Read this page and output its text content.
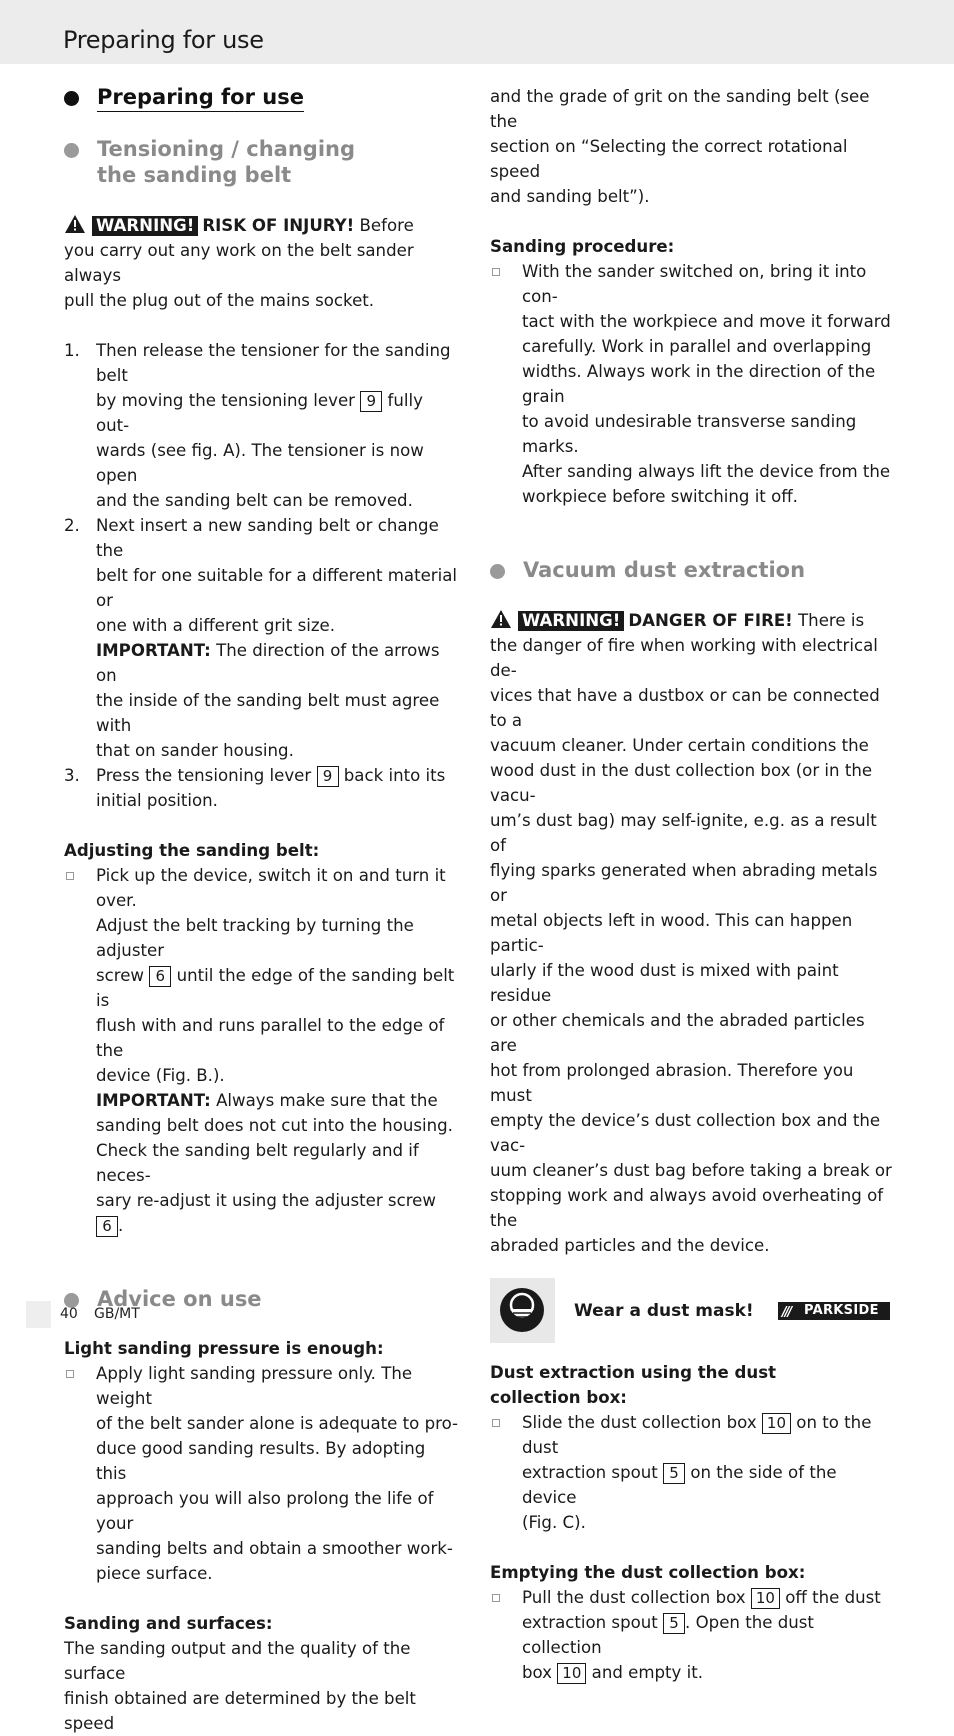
Preparing for use
Preparing for use
Tensioning / changing
the sanding belt
WARNING! RISK OF INJURY! Before
you carry out any work on the belt sander always
pull the plug out of the mains socket.
1. Then release the tensioner for the sanding belt
by moving the tensioning lever 9 fully out-
wards (see fig. A). The tensioner is now open
and the sanding belt can be removed.
2. Next insert a new sanding belt or change the
belt for one suitable for a different material or
one with a different grit size.
IMPORTANT: The direction of the arrows on
the inside of the sanding belt must agree with
that on sander housing.
3. Press the tensioning lever 9 back into its
initial position.
Adjusting the sanding belt:
Pick up the device, switch it on and turn it over.
Adjust the belt tracking by turning the adjuster
screw 6 until the edge of the sanding belt is
flush with and runs parallel to the edge of the
device (Fig. B.).
IMPORTANT: Always make sure that the
sanding belt does not cut into the housing.
Check the sanding belt regularly and if neces-
sary re-adjust it using the adjuster screw 6 .
Advice on use
Light sanding pressure is enough:
Apply light sanding pressure only. The weight
of the belt sander alone is adequate to pro-
duce good sanding results. By adopting this
approach you will also prolong the life of your
sanding belts and obtain a smoother work-
piece surface.
Sanding and surfaces:
The sanding output and the quality of the surface
finish obtained are determined by the belt speed
and the grade of grit on the sanding belt (see the
section on “Selecting the correct rotational speed
and sanding belt”).
Sanding procedure:
With the sander switched on, bring it into con-
tact with the workpiece and move it forward
carefully. Work in parallel and overlapping
widths. Always work in the direction of the grain
to avoid undesirable transverse sanding marks.
After sanding always lift the device from the
workpiece before switching it off.
Vacuum dust extraction
WARNING! DANGER OF FIRE! There is
the danger of fire when working with electrical de-
vices that have a dustbox or can be connected to a
vacuum cleaner. Under certain conditions the
wood dust in the dust collection box (or in the vacu-
um’s dust bag) may self-ignite, e.g. as a result of
flying sparks generated when abrading metals or
metal objects left in wood. This can happen partic-
ularly if the wood dust is mixed with paint residue
or other chemicals and the abraded particles are
hot from prolonged abrasion. Therefore you must
empty the device’s dust collection box and the vac-
uum cleaner’s dust bag before taking a break or
stopping work and always avoid overheating of the
abraded particles and the device.
Wear a dust mask!
Dust extraction using the dust
collection box:
Slide the dust collection box 10 on to the dust
extraction spout 5 on the side of the device
(Fig. C).
Emptying the dust collection box:
Pull the dust collection box 10 off the dust
extraction spout 5 . Open the dust collection
box 10 and empty it.
40 GB/MT	/// PARKSIDE
